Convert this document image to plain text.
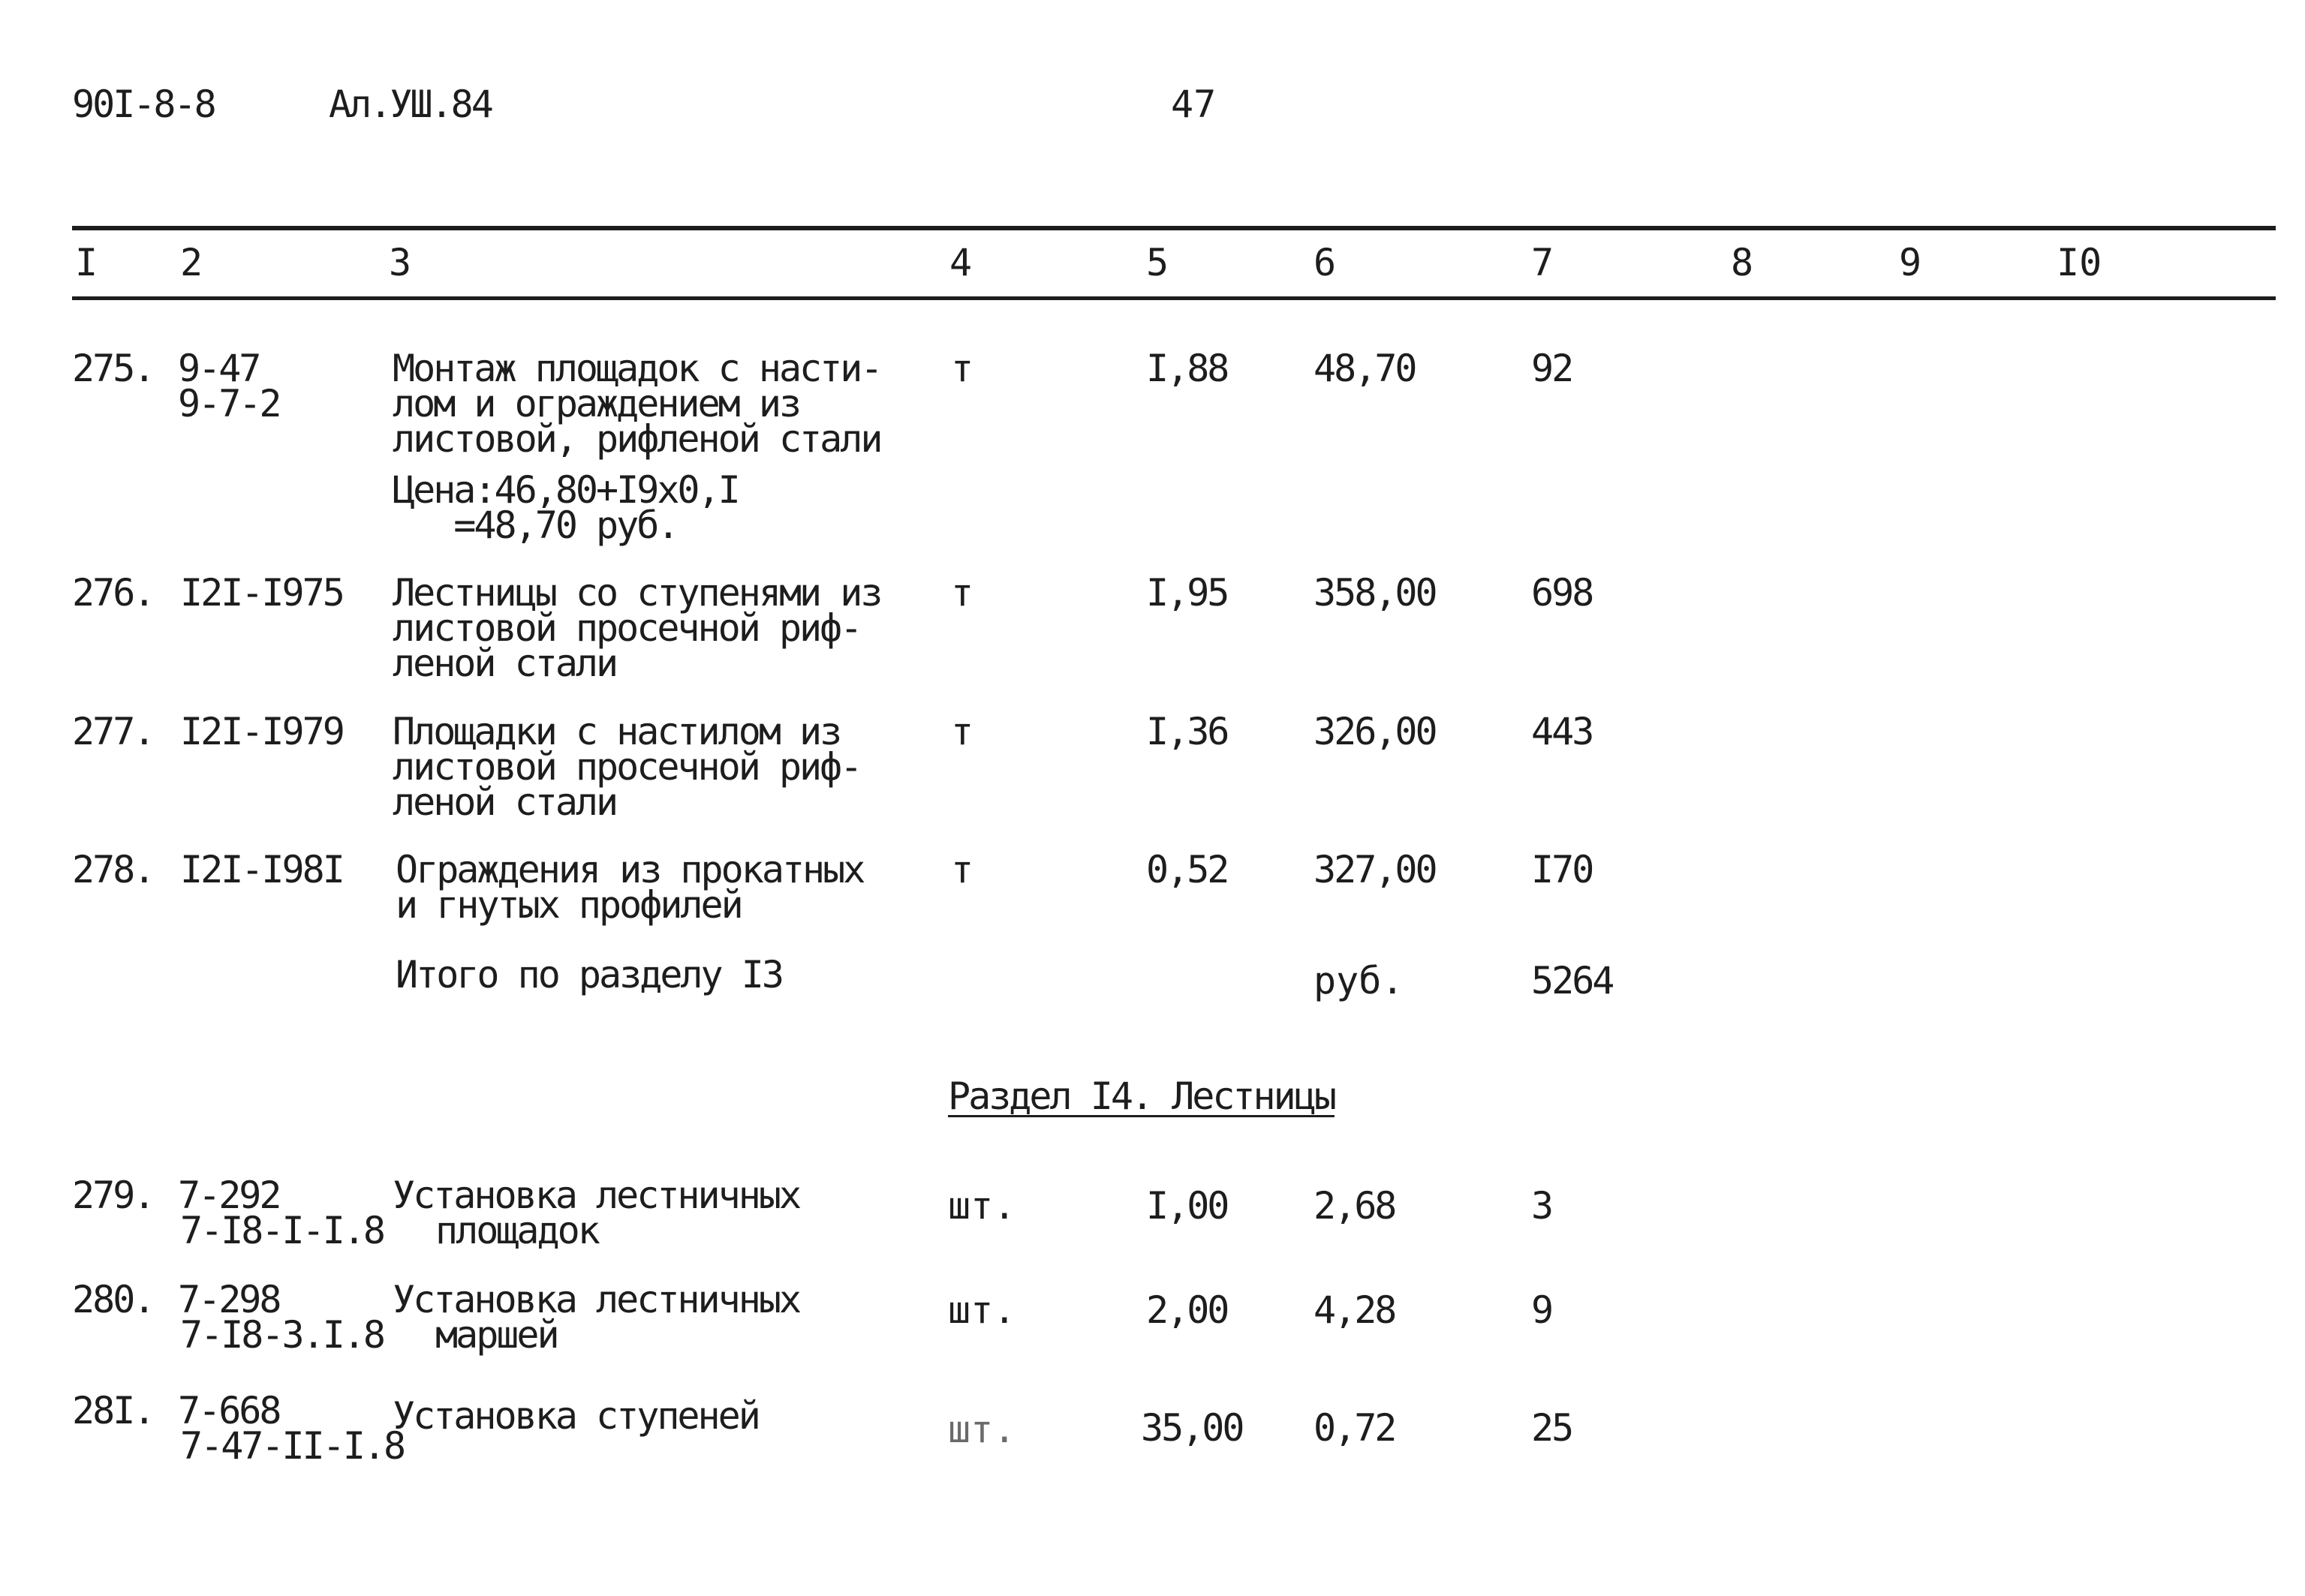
90I-8-8	Ал.УШ.84	47
I 2	3	4	5	6	7	8	9	I0
275. 9-47
9-7-2
Монтаж площадок с насти-
лом и ограждением из
листовой, рифленой стали
Цена:46,80+I9x0,I
=48,70 руб.
т	I,88 48,70	92
276. I2I-I975 Лестницы со ступенями из
листовой просечной риф-
леной стали
т	I,95 358,00	698
277. I2I-I979 Площадки с настилом из
листовой просечной риф-
леной стали
т	I,36 326,00	443
278. I2I-I98I Ограждения из прокатных
и гнутых профилей
т	0,52 327,00	I70
Итого по разделу I3	руб.	5264
Раздел I4. Лестницы
279. 7-292
7-I8-I-I.8
Установка лестничных
площадок
шт.	I,00 2,68	3
280. 7-298
7-I8-3.I.8
Установка лестничных
маршей
шт.	2,00 4,28	9
28I. 7-668
7-47-II-I.8
Установка ступеней	шт.	35,00 0,72	25
